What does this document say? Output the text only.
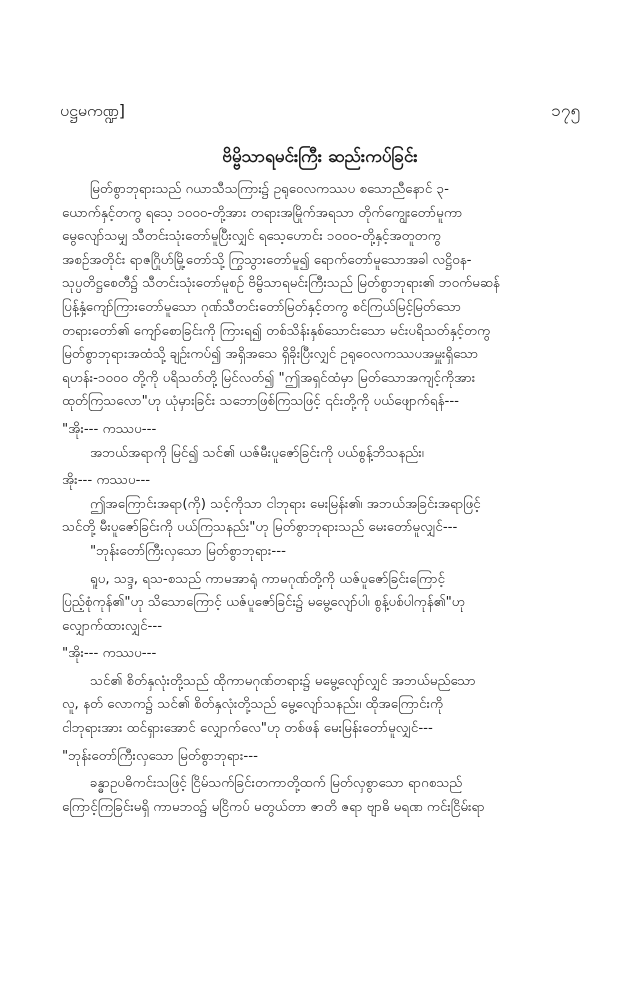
ပဋ္ဌမကဏ္ဍ]	၁၇၅
ဗိမ္ဗိသာရမင်းကြီး ဆည်းကပ်ခြင်း
မြတ်စွာဘုရားသည် ဂယာသီသကြား၌ ဥရုဝေလကဿပ စသောညီနောင် ၃-
ယောက်နှင့်တကွ ရသေ့ ၁၀၀၀-တို့အား တရားအမြိုက်အရသာ တိုက်ကျွေးတော်မူကာ
မွေလျော်သမျှ သီတင်းသုံးတော်မူပြီးလျှင် ရသေ့ဟောင်း ၁၀၀၀-တို့နှင့်အတူတကွ
အစဉ်အတိုင်း ရာဇဂြိုဟ်မြို့တော်သို့ ကြွသွားတော်မူ၍ ရောက်တော်မူသောအခါ လဋ္ဌိဝန-
သုပ္ပတိဋ္ဌစေတီ၌ သီတင်းသုံးတော်မူစဉ် ဗိမ္ဗိသာရမင်းကြီးသည် မြတ်စွာဘုရား၏ ဘဝက်မဆန်
ပြန့်နှံ့ကျော်ကြားတော်မူသော ဂုဏ်သီတင်းတော်မြတ်နှင့်တကွ စင်ကြယ်မြင့်မြတ်သော
တရားတော်၏ ကျော်စောခြင်းကို ကြားရ၍ တစ်သိန်းနှစ်သောင်းသော မင်းပရိသတ်နှင့်တကွ
မြတ်စွာဘုရားအထံသို့ ချဉ်းကပ်၍ အရှိအသေ ရှိခိုးပြီးလျှင် ဥရုဝေလကဿပအမှူးရှိသော
ရဟန်း-၁၀၀၀ တို့ကို ပရိသတ်တို့ မြင်လတ်၍ "ဤအရှင်ထံမှာ မြတ်သောအကျင့်ကိုအား
ထုတ်ကြသလော"ဟု ယုံမှားခြင်း သဘောဖြစ်ကြသဖြင့် ၎င်းတို့ကို ပယ်ဖျောက်ရန်---
"အိုး--- ကဿပ---
အဘယ်အရာကို မြင်၍ သင်၏ ယဇ်မီးပူဇော်ခြင်းကို ပယ်စွန့်ဘိသနည်း၊
အိုး--- ကဿပ---
ဤအကြောင်းအရာ(ကို) သင့်ကိုသာ ငါဘုရား မေးမြန်း၏၊ အဘယ်အခြင်းအရာဖြင့်
သင်တို့ မီးပူဇော်ခြင်းကို ပယ်ကြသနည်း"ဟု မြတ်စွာဘုရားသည် မေးတော်မူလျှင်---
"ဘုန်းတော်ကြီးလှသော မြတ်စွာဘုရား---
ရူပ, သဒ္ဒ, ရသ-စသည် ကာမအာရုံ ကာမဂုဏ်တို့ကို ယဇ်ပူဇော်ခြင်းကြောင့်
ပြည့်စုံကုန်၏"ဟု သိသောကြောင့် ယဇ်ပူဇော်ခြင်း၌ မမွေ့လျော်ပါ၊ စွန့်ပစ်ပါကုန်၏"ဟု
လျှောက်ထားလျှင်---
"အိုး--- ကဿပ---
သင်၏ စိတ်နှလုံးတို့သည် ထိုကာမဂုဏ်တရား၌ မမွေ့လျော်လျှင် အဘယ်မည်သော
လူ, နတ် လောက၌ သင်၏ စိတ်နှလုံးတို့သည် မွေ့လျော်သနည်း၊ ထိုအကြောင်းကို
ငါဘုရားအား ထင်ရှားအောင် လျှောက်လေ"ဟု တစ်ဖန် မေးမြန်းတော်မူလျှင်---
"ဘုန်းတော်ကြီးလှသော မြတ်စွာဘုရား---
ခန္ဓာဥပဓိကင်းသဖြင့် ငြိမ်သက်ခြင်းတကာတို့ထက် မြတ်လှစွာသော ရာဂစသည်
ကြောင့်ကြခြင်းမရှိ ကာမဘဝ၌ မငြိကပ် မတွယ်တာ ဇာတိ ဇရာ ဗျာဓိ မရဏ ကင်းငြိမ်းရာ
